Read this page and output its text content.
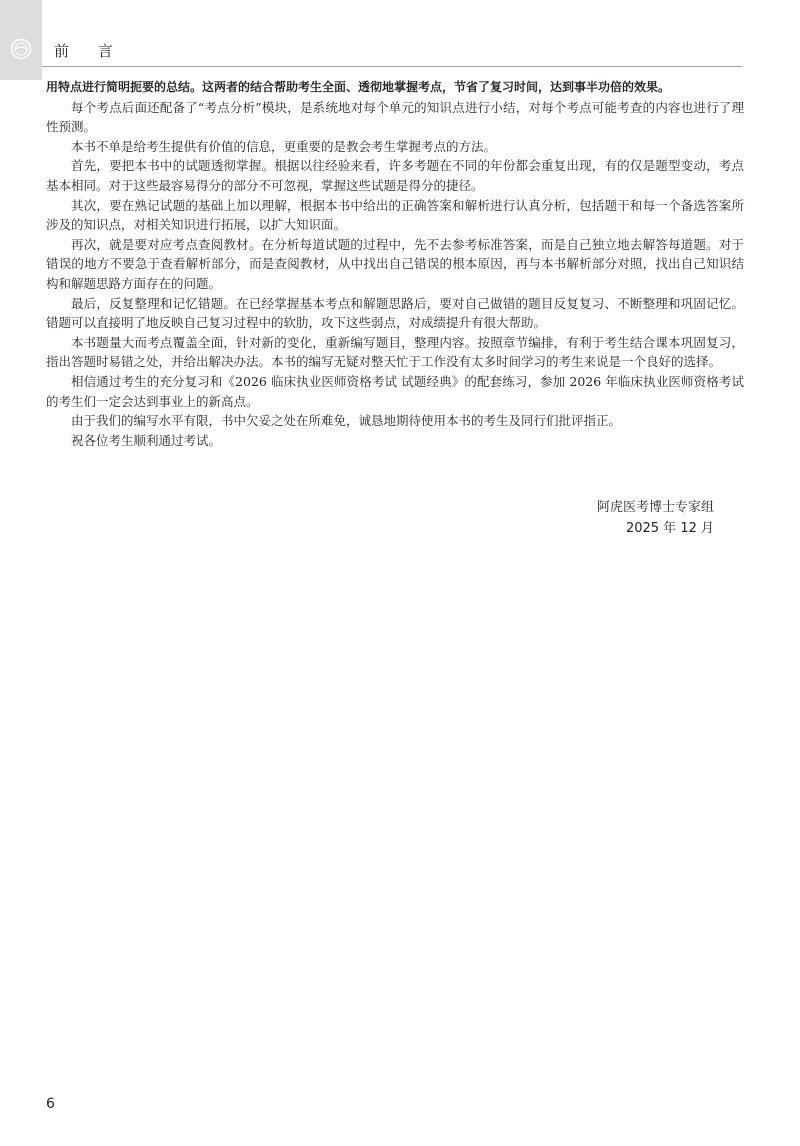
前 言

用特点进行简明扼要的总结。这两者的结合帮助考生全面、透彻地掌握考点，节省了复习时间，达到事半功倍的效果。

每个考点后面还配备了“考点分析”模块，是系统地对每个单元的知识点进行小结，对每个考点可能考查的内容也进行了理性预测。

本书不单是给考生提供有价值的信息，更重要的是教会考生掌握考点的方法。

首先，要把本书中的试题透彻掌握。根据以往经验来看，许多考题在不同的年份都会重复出现，有的仅是题型变动，考点基本相同。对于这些最容易得分的部分不可忽视，掌握这些试题是得分的捷径。

其次，要在熟记试题的基础上加以理解，根据本书中给出的正确答案和解析进行认真分析，包括题干和每一个备选答案所涉及的知识点，对相关知识进行拓展，以扩大知识面。

再次，就是要对应考点查阅教材。在分析每道试题的过程中，先不去参考标准答案，而是自己独立地去解答每道题。对于错误的地方不要急于查看解析部分，而是查阅教材，从中找出自己错误的根本原因，再与本书解析部分对照，找出自己知识结构和解题思路方面存在的问题。

最后，反复整理和记忆错题。在已经掌握基本考点和解题思路后，要对自己做错的题目反复复习、不断整理和巩固记忆。错题可以直接明了地反映自己复习过程中的软肋，攻下这些弱点，对成绩提升有很大帮助。

本书题量大而考点覆盖全面，针对新的变化，重新编写题目，整理内容。按照章节编排，有利于考生结合课本巩固复习，指出答题时易错之处，并给出解决办法。本书的编写无疑对整天忙于工作没有太多时间学习的考生来说是一个良好的选择。

相信通过考生的充分复习和《2026 临床执业医师资格考试 试题经典》的配套练习，参加 2026 年临床执业医师资格考试的考生们一定会达到事业上的新高点。

由于我们的编写水平有限，书中欠妥之处在所难免，诚恳地期待使用本书的考生及同行们批评指正。

祝各位考生顺利通过考试。

阿虎医考博士专家组
2025 年 12 月
6
